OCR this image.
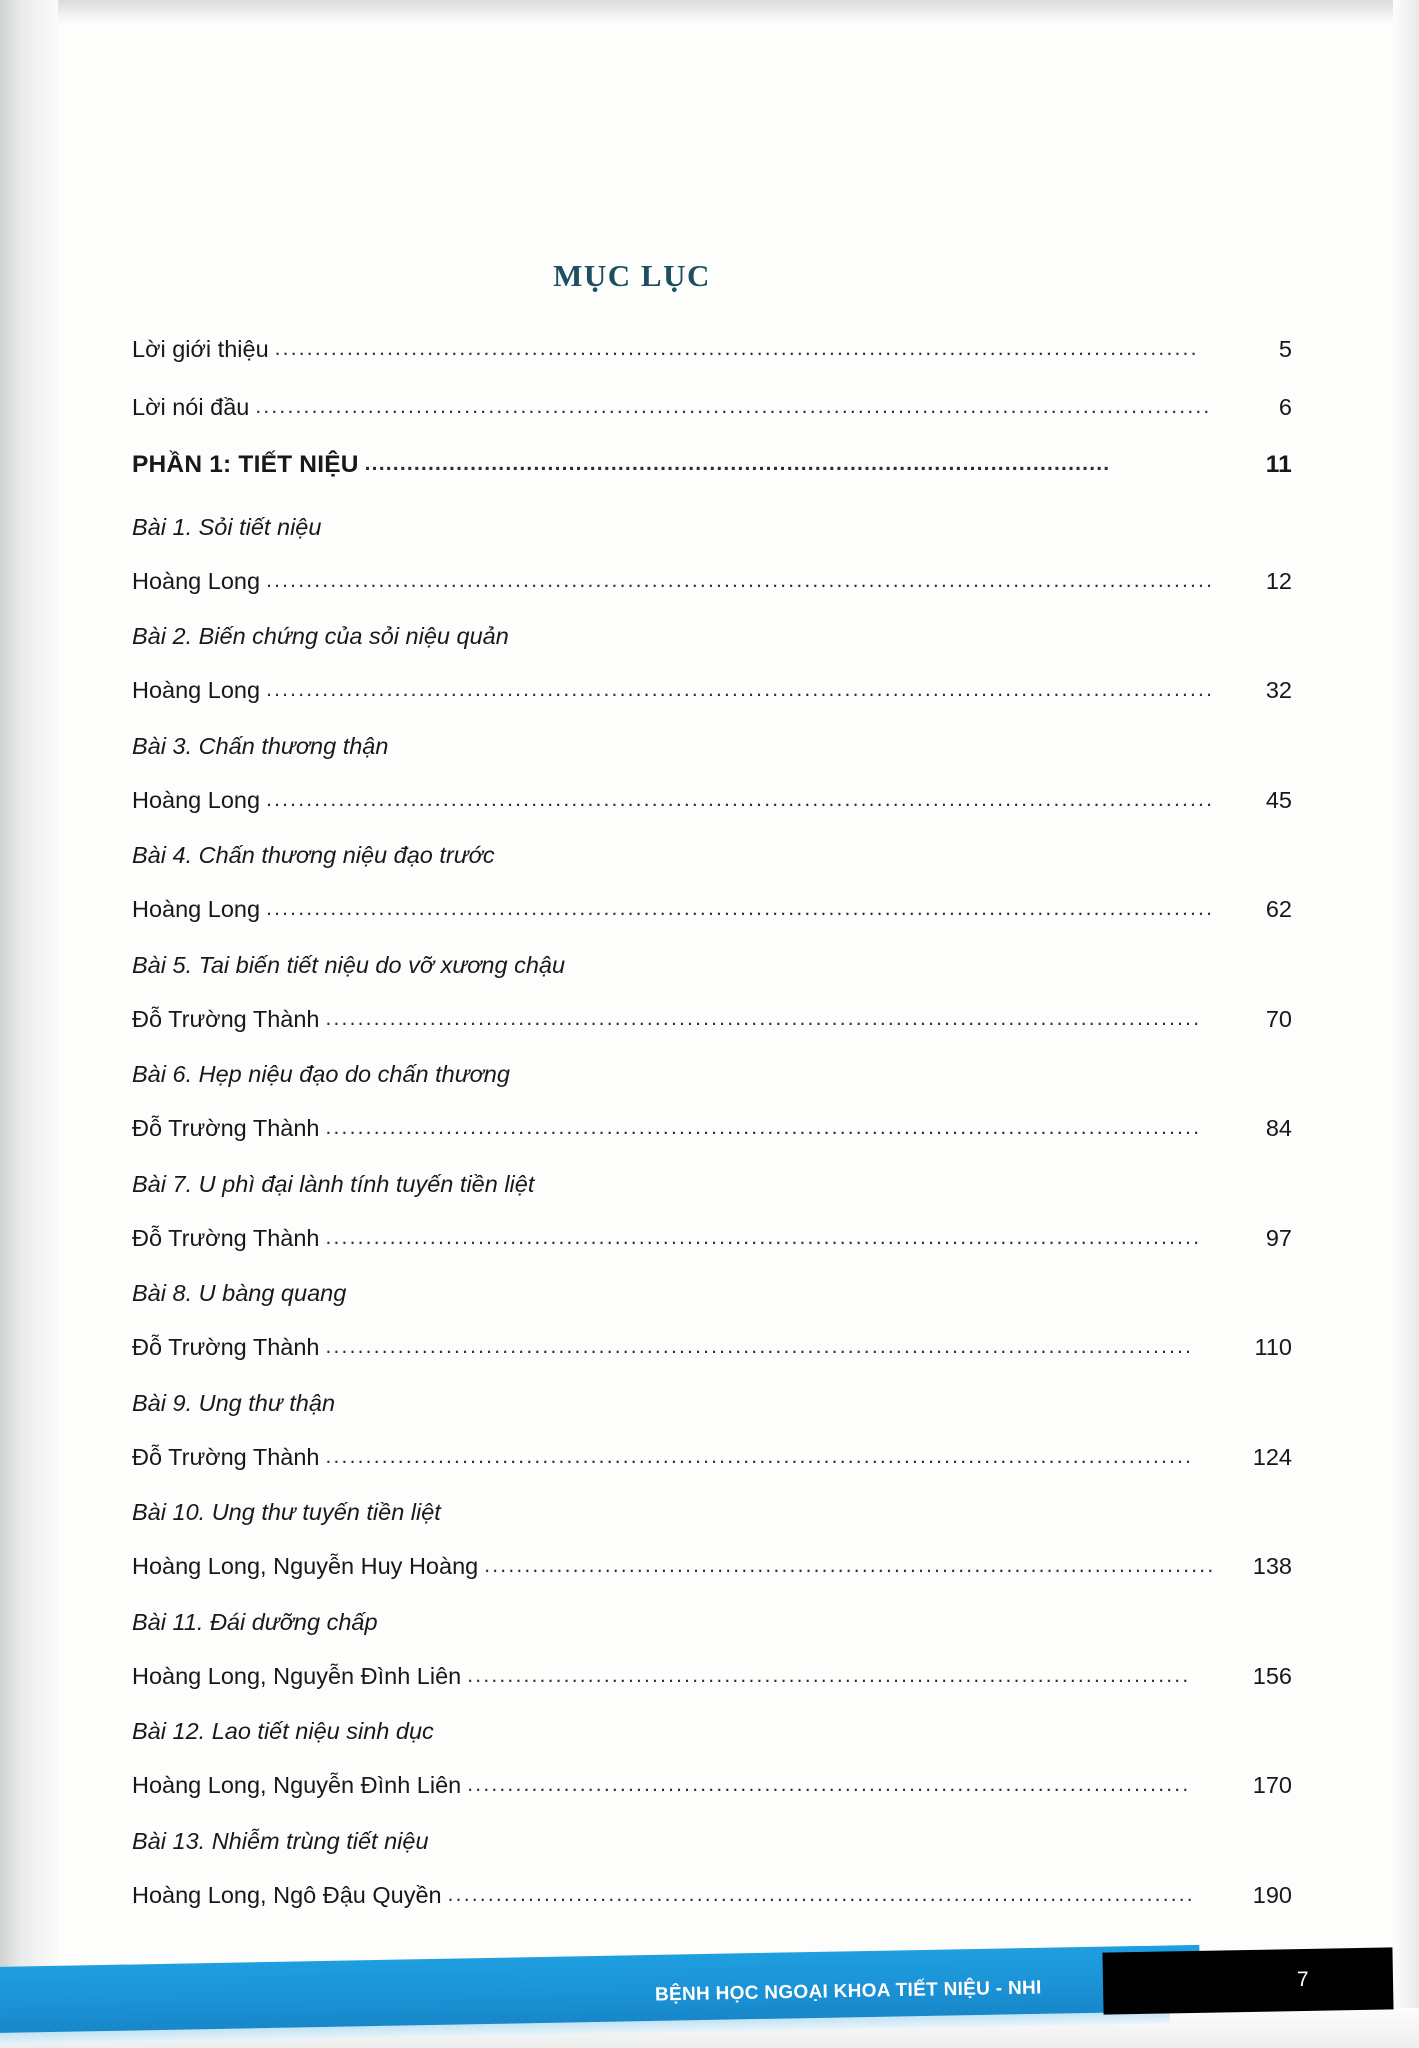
MỤC LỤC
Lời giới thiệu ...................................................................................................................	5
Lời nói đầu .......................................................................................................................	6
PHẦN 1: TIẾT NIỆU ..........................................................................................................	11
Bài 1. Sỏi tiết niệu
Hoàng Long ......................................................................................................................	12
Bài 2. Biến chứng của sỏi niệu quản
Hoàng Long ......................................................................................................................	32
Bài 3. Chấn thương thận
Hoàng Long ......................................................................................................................	45
Bài 4. Chấn thương niệu đạo trước
Hoàng Long ......................................................................................................................	62
Bài 5. Tai biến tiết niệu do vỡ xương chậu
Đỗ Trường Thành .............................................................................................................	70
Bài 6. Hẹp niệu đạo do chấn thương
Đỗ Trường Thành .............................................................................................................	84
Bài 7. U phì đại lành tính tuyến tiền liệt
Đỗ Trường Thành .............................................................................................................	97
Bài 8. U bàng quang
Đỗ Trường Thành ............................................................................................................	110
Bài 9. Ung thư thận
Đỗ Trường Thành ............................................................................................................	124
Bài 10. Ung thư tuyến tiền liệt
Hoàng Long, Nguyễn Huy Hoàng ...........................................................................................	138
Bài 11. Đái dưỡng chấp
Hoàng Long, Nguyễn Đình Liên ..........................................................................................	156
Bài 12. Lao tiết niệu sinh dục
Hoàng Long, Nguyễn Đình Liên ..........................................................................................	170
Bài 13. Nhiễm trùng tiết niệu
Hoàng Long, Ngô Đậu Quyền .............................................................................................	190
BỆNH HỌC NGOẠI KHOA TIẾT NIỆU - NHI	7
